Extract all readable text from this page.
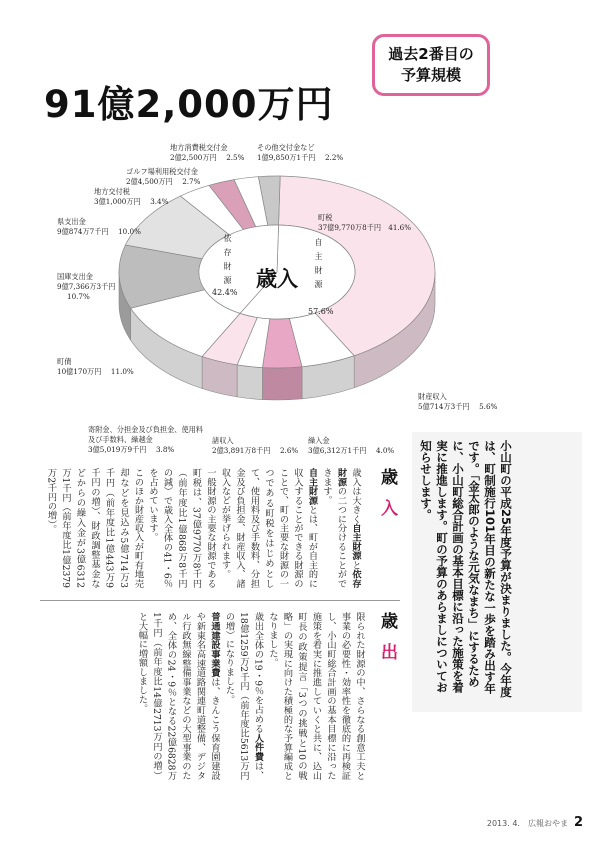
過去2番目の
予算規模
91億2,000万円
歳入 自主財源
57.6%
依存財源
42.4%
町税
37億9,770万8千円　 41.6%
財産収入
5億714万3千円　 5.6%
繰入金
3億6,312万1千円　 4.0%
諸収入
2億3,891万8千円　 2.6%
寄附金、分担金及び負担金、使用料及び手数料、繰越金
3億5,019万9千円　 3.8%
町債
10億170万円　 11.0%
国庫支出金
9億7,366万3千円
10.7%
県支出金
9億874万7千円　 10.0%
地方交付税
3億1,000万円　 3.4%
ゴルフ場利用税交付金
2億4,500万円　 2.7%
地方消費税交付金
2億2,500万円　 2.5%
その他交付金など
1億9,850万1千円　 2.2%
小山町の平成25年度予算が決まりました。今年度は、町制施行101年目の新たな一歩を踏み出す年です。「金太郎のような元気なまち」にするために、小山町総合計画の基本目標に沿った施策を着実に推進します。町の予算のあらましについてお知らせします。
歳入
歳入は大きく自主財源と依存財源の二つに分けることができます。
自主財源とは、町が自主的に収入することができる財源のことで、町の主要な財源の一つである町税をはじめとして、使用料及び手数料、分担金及び負担金、財産収入、諸収入などが挙げられます。
一般財源の主要な財源である町税は、37億9770万8千円（前年度比1億868万8千円の減）で歳入全体の41・6％を占めています。
このほか財産収入が町有地売却などを見込み5億714万3千円（前年度比1億443万9千円の増）、財政調整基金などからの繰入金が3億6312万1千円（前年度比1億2379万2千円の増）。
歳出
限られた財源の中、さらなる創意工夫と事業の必要性・効率性を徹底的に再検証し、小山町総合計画の基本目標に沿った施策を着実に推進していくと共に、込山町長の政策提言「3つの挑戦と10の戦略」の実現に向けた積極的な予算編成となりました。
歳出全体の19・9％を占める人件費は、18億1259万2千円（前年度比5613万円の増）になりました。
普通建設事業費は、きんこう保育園建設や新東名高速道路関連町道整備、デジタル行政無線整備事業などの大型事業のため、全体の24・9％となる22億6828万1千円（前年度比14億2713万円の増）と大幅に増額しました。
2013. 4.　広報おやま 2
